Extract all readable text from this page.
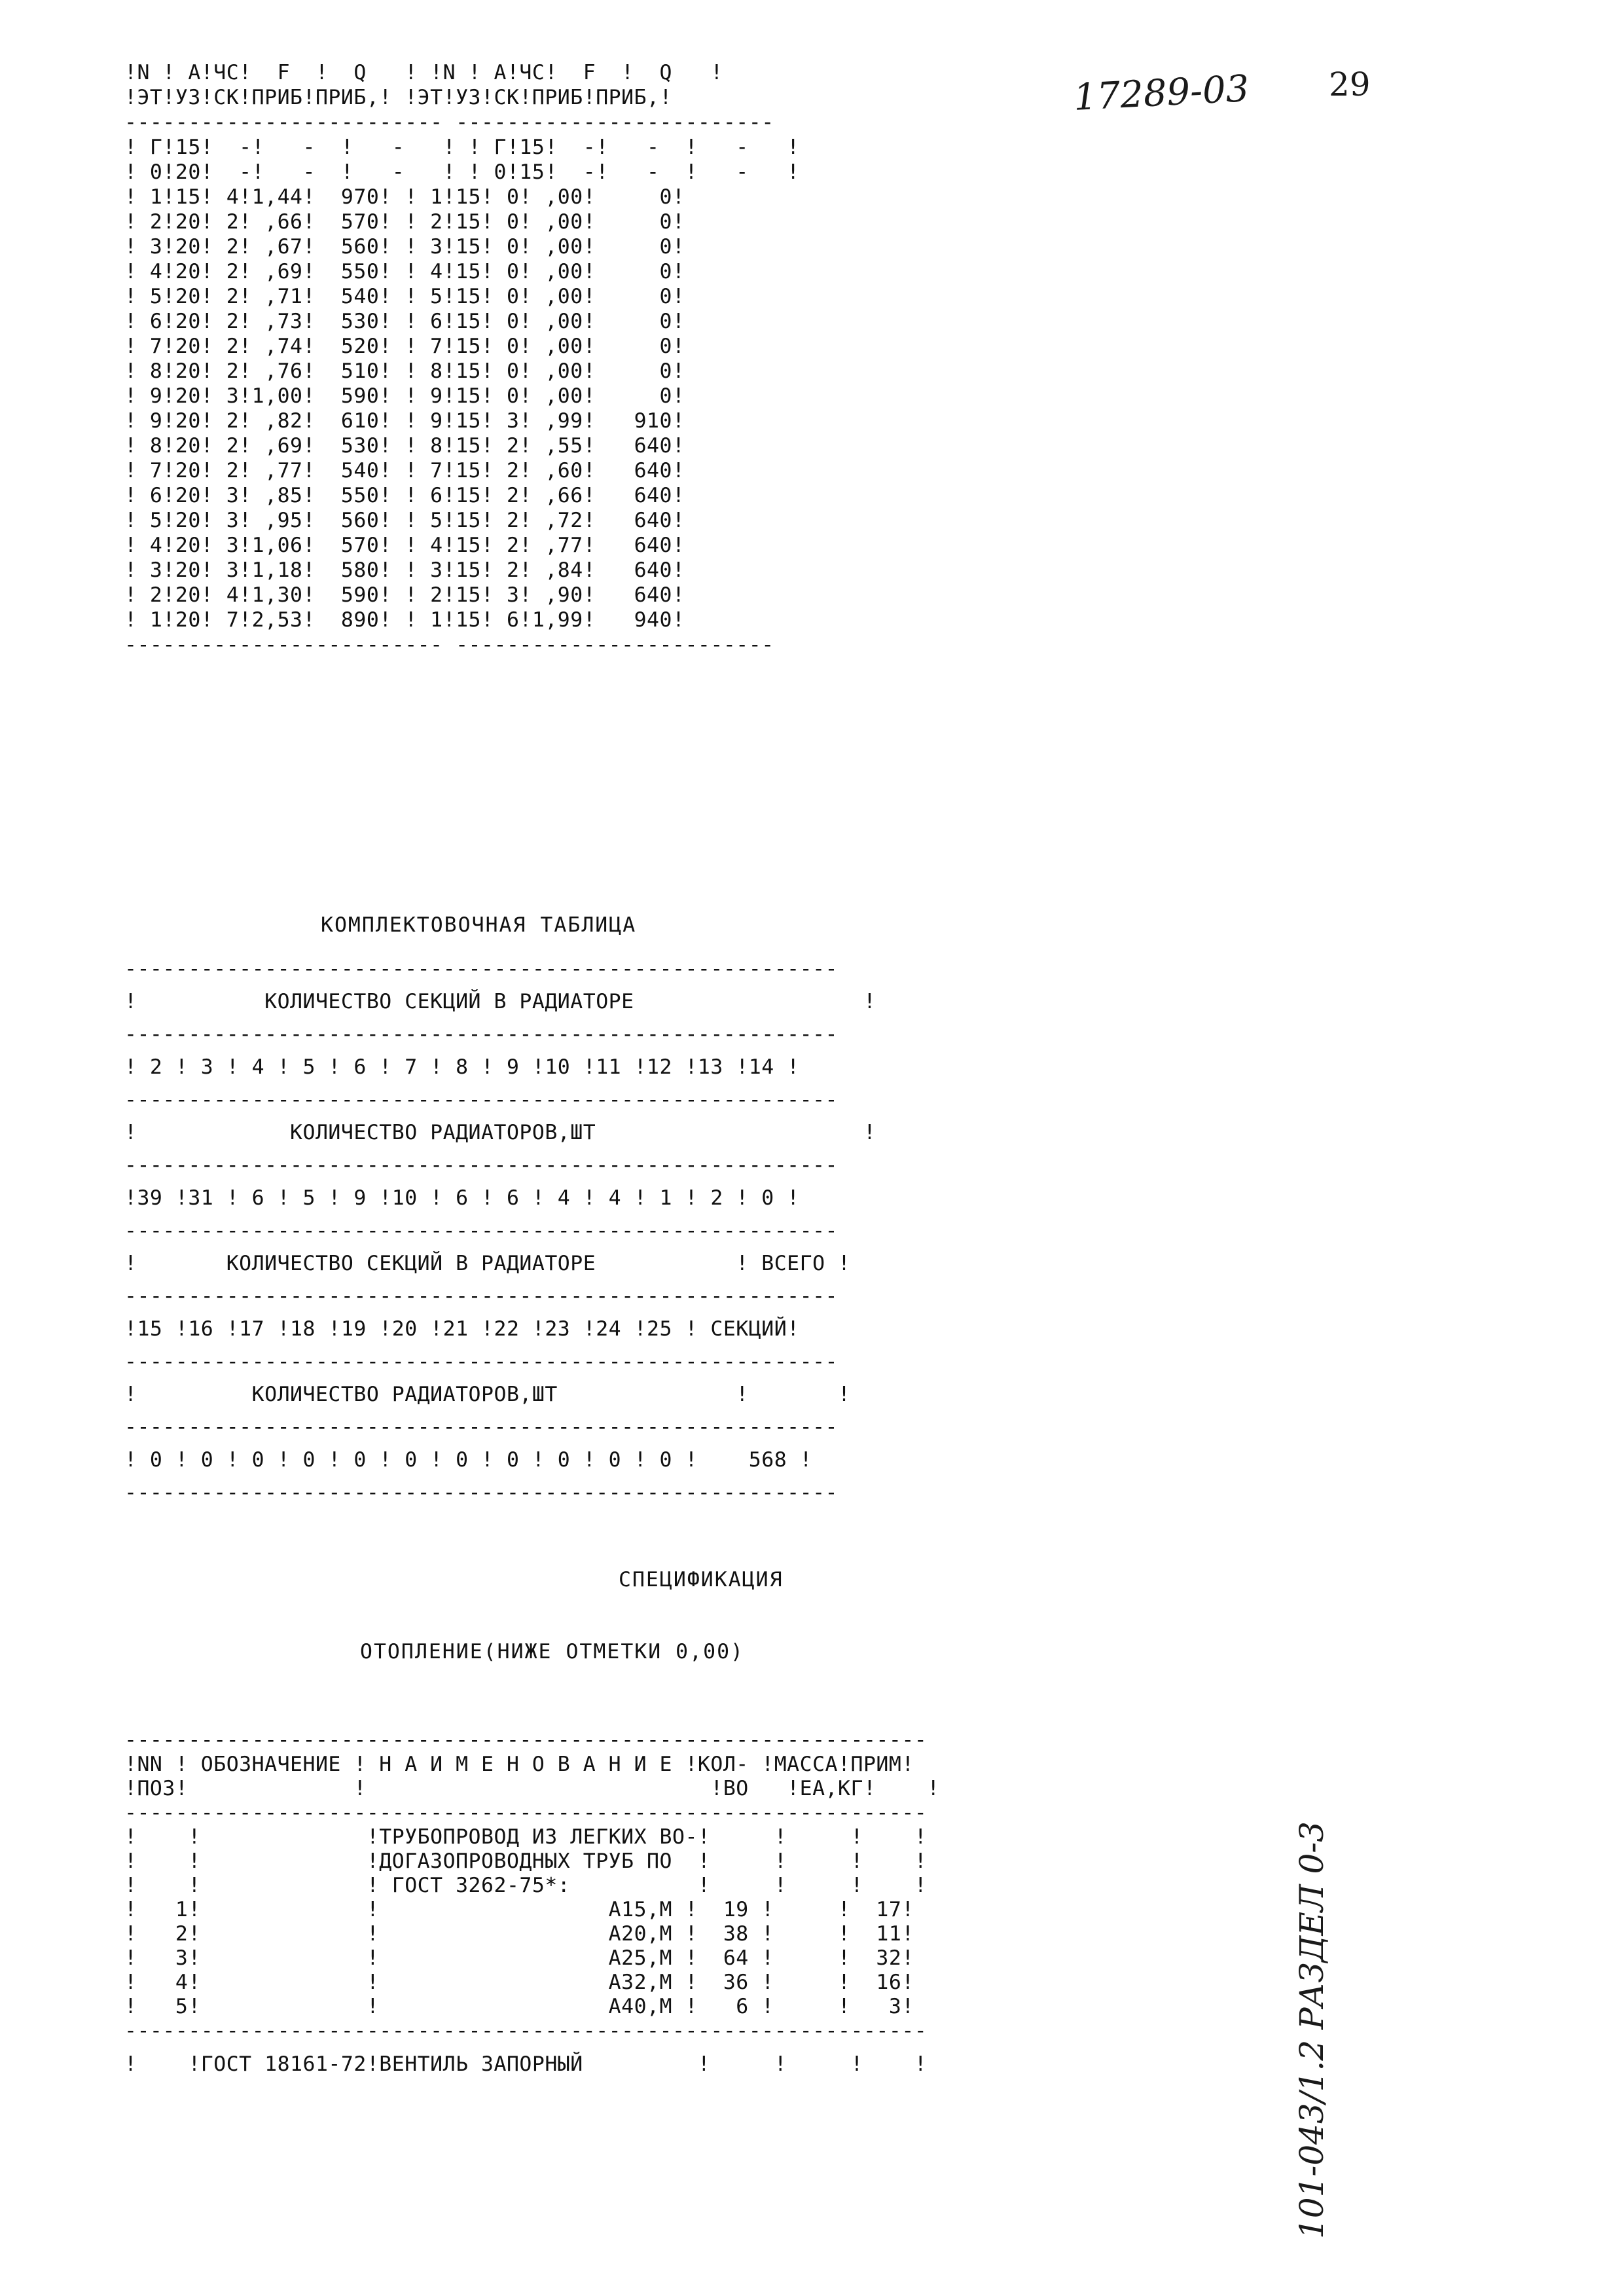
17289-03 29
101-043/1.2 РАЗДЕЛ 0-3
!N ! А!ЧС!  F  !  Q   ! !N ! А!ЧС!  F  !  Q   !
!ЭТ!УЗ!СК!ПРИБ!ПРИБ,! !ЭТ!УЗ!СК!ПРИБ!ПРИБ,!
------------------------- -------------------------
! Г!15!  -!   -  !   -   ! ! Г!15!  -!   -  !   -   !
! 0!20!  -!   -  !   -   ! ! 0!15!  -!   -  !   -   !
! 1!15! 4!1,44!  970! ! 1!15! 0! ,00!     0!
! 2!20! 2! ,66!  570! ! 2!15! 0! ,00!     0!
! 3!20! 2! ,67!  560! ! 3!15! 0! ,00!     0!
! 4!20! 2! ,69!  550! ! 4!15! 0! ,00!     0!
! 5!20! 2! ,71!  540! ! 5!15! 0! ,00!     0!
! 6!20! 2! ,73!  530! ! 6!15! 0! ,00!     0!
! 7!20! 2! ,74!  520! ! 7!15! 0! ,00!     0!
! 8!20! 2! ,76!  510! ! 8!15! 0! ,00!     0!
! 9!20! 3!1,00!  590! ! 9!15! 0! ,00!     0!
! 9!20! 2! ,82!  610! ! 9!15! 3! ,99!   910!
! 8!20! 2! ,69!  530! ! 8!15! 2! ,55!   640!
! 7!20! 2! ,77!  540! ! 7!15! 2! ,60!   640!
! 6!20! 3! ,85!  550! ! 6!15! 2! ,66!   640!
! 5!20! 3! ,95!  560! ! 5!15! 2! ,72!   640!
! 4!20! 3!1,06!  570! ! 4!15! 2! ,77!   640!
! 3!20! 3!1,18!  580! ! 3!15! 2! ,84!   640!
! 2!20! 4!1,30!  590! ! 2!15! 3! ,90!   640!
! 1!20! 7!2,53!  890! ! 1!15! 6!1,99!   940!
------------------------- -------------------------
КОМПЛЕКТОВОЧНАЯ ТАБЛИЦА
--------------------------------------------------------
!          КОЛИЧЕСТВО СЕКЦИЙ В РАДИАТОРЕ                  !
--------------------------------------------------------
! 2 ! 3 ! 4 ! 5 ! 6 ! 7 ! 8 ! 9 !10 !11 !12 !13 !14 !
--------------------------------------------------------
!            КОЛИЧЕСТВО РАДИАТОРОВ,ШТ                     !
--------------------------------------------------------
!39 !31 ! 6 ! 5 ! 9 !10 ! 6 ! 6 ! 4 ! 4 ! 1 ! 2 ! 0 !
--------------------------------------------------------
!       КОЛИЧЕСТВО СЕКЦИЙ В РАДИАТОРЕ           ! ВСЕГО !
--------------------------------------------------------
!15 !16 !17 !18 !19 !20 !21 !22 !23 !24 !25 ! СЕКЦИЙ!
--------------------------------------------------------
!         КОЛИЧЕСТВО РАДИАТОРОВ,ШТ              !       !
--------------------------------------------------------
! 0 ! 0 ! 0 ! 0 ! 0 ! 0 ! 0 ! 0 ! 0 ! 0 ! 0 !    568 !
--------------------------------------------------------
СПЕЦИФИКАЦИЯ
ОТОПЛЕНИЕ(НИЖЕ ОТМЕТКИ 0,00)
---------------------------------------------------------------
!NN ! ОБОЗНАЧЕНИЕ ! Н А И М Е Н О В А Н И Е !КОЛ- !МАССА!ПРИМ!
!ПОЗ!             !                           !ВО   !ЕА,КГ!    !
---------------------------------------------------------------
!    !             !ТРУБОПРОВОД ИЗ ЛЕГКИХ ВО-!     !     !    !
!    !             !ДОГАЗОПРОВОДНЫХ ТРУБ ПО  !     !     !    !
!    !             ! ГОСТ 3262-75*:          !     !     !    !
!   1!             !                  А15,М !  19 !     !  17!
!   2!             !                  А20,М !  38 !     !  11!
!   3!             !                  А25,М !  64 !     !  32!
!   4!             !                  А32,М !  36 !     !  16!
!   5!             !                  А40,М !   6 !     !   3!
---------------------------------------------------------------
!    !ГОСТ 18161-72!ВЕНТИЛЬ ЗАПОРНЫЙ         !     !     !    !
